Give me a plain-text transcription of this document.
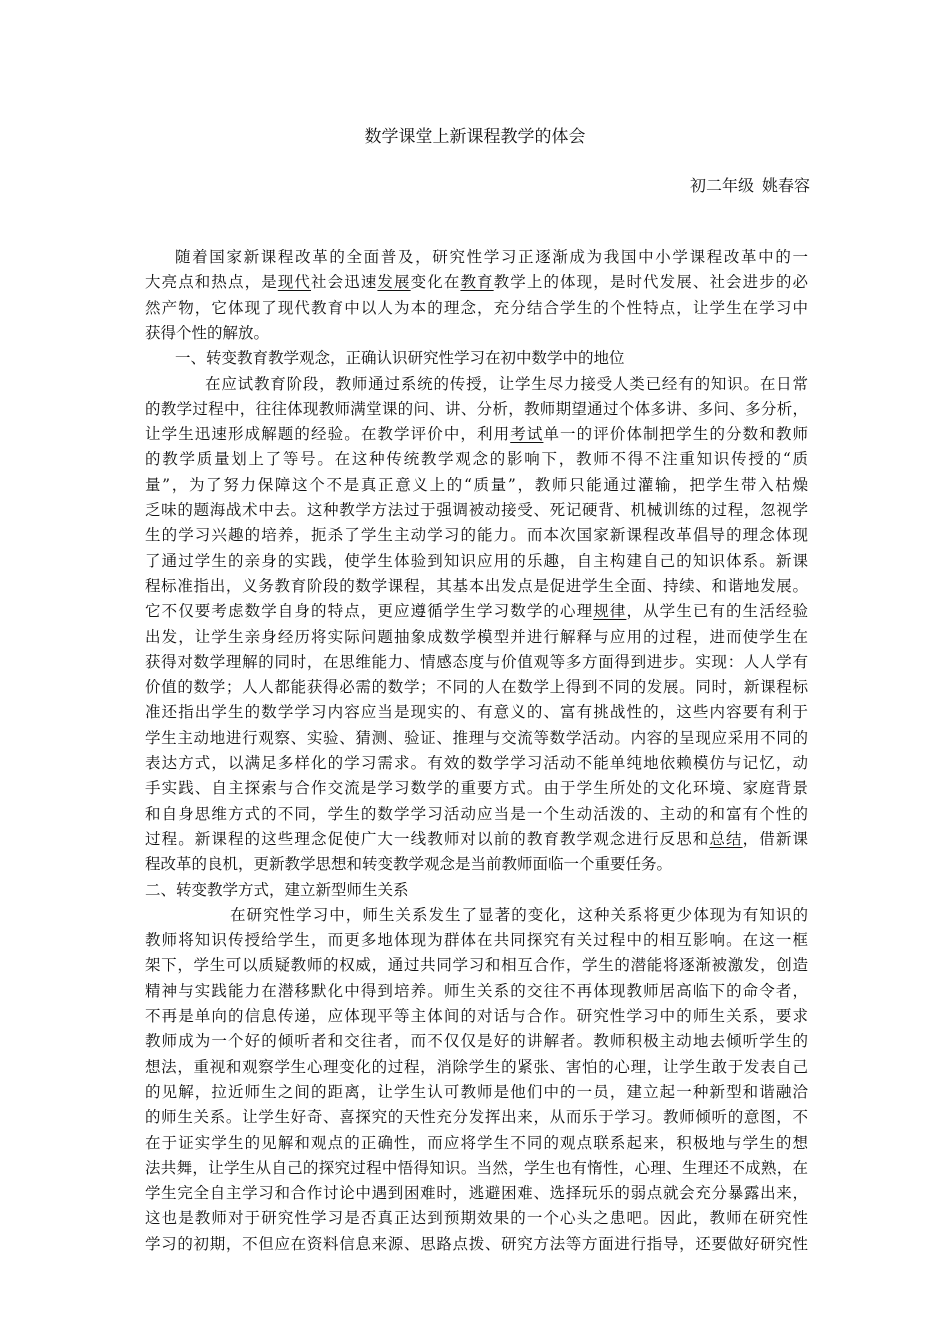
数学课堂上新课程教学的体会
初二年级 姚春容
随着国家新课程改革的全面普及，研究性学习正逐渐成为我国中小学课程改革中的一
大亮点和热点，是现代社会迅速发展变化在教育教学上的体现，是时代发展、社会进步的必
然产物，它体现了现代教育中以人为本的理念，充分结合学生的个性特点，让学生在学习中
获得个性的解放。
一、转变教育教学观念，正确认识研究性学习在初中数学中的地位
在应试教育阶段，教师通过系统的传授，让学生尽力接受人类已经有的知识。在日常
的教学过程中，往往体现教师满堂课的问、讲、分析，教师期望通过个体多讲、多问、多分析，
让学生迅速形成解题的经验。在教学评价中，利用考试单一的评价体制把学生的分数和教师
的教学质量划上了等号。在这种传统教学观念的影响下，教师不得不注重知识传授的“质
量”，为了努力保障这个不是真正意义上的“质量”，教师只能通过灌输，把学生带入枯燥
乏味的题海战术中去。这种教学方法过于强调被动接受、死记硬背、机械训练的过程，忽视学
生的学习兴趣的培养，扼杀了学生主动学习的能力。而本次国家新课程改革倡导的理念体现
了通过学生的亲身的实践，使学生体验到知识应用的乐趣，自主构建自己的知识体系。新课
程标准指出，义务教育阶段的数学课程，其基本出发点是促进学生全面、持续、和谐地发展。
它不仅要考虑数学自身的特点，更应遵循学生学习数学的心理规律，从学生已有的生活经验
出发，让学生亲身经历将实际问题抽象成数学模型并进行解释与应用的过程，进而使学生在
获得对数学理解的同时，在思维能力、情感态度与价值观等多方面得到进步。实现：人人学有
价值的数学；人人都能获得必需的数学；不同的人在数学上得到不同的发展。同时，新课程标
准还指出学生的数学学习内容应当是现实的、有意义的、富有挑战性的，这些内容要有利于
学生主动地进行观察、实验、猜测、验证、推理与交流等数学活动。内容的呈现应采用不同的
表达方式，以满足多样化的学习需求。有效的数学学习活动不能单纯地依赖模仿与记忆，动
手实践、自主探索与合作交流是学习数学的重要方式。由于学生所处的文化环境、家庭背景
和自身思维方式的不同，学生的数学学习活动应当是一个生动活泼的、主动的和富有个性的
过程。新课程的这些理念促使广大一线教师对以前的教育教学观念进行反思和总结，借新课
程改革的良机，更新教学思想和转变教学观念是当前教师面临一个重要任务。
二、转变教学方式，建立新型师生关系
在研究性学习中，师生关系发生了显著的变化，这种关系将更少体现为有知识的
教师将知识传授给学生，而更多地体现为群体在共同探究有关过程中的相互影响。在这一框
架下，学生可以质疑教师的权威，通过共同学习和相互合作，学生的潜能将逐渐被激发，创造
精神与实践能力在潜移默化中得到培养。师生关系的交往不再体现教师居高临下的命令者，
不再是单向的信息传递，应体现平等主体间的对话与合作。研究性学习中的师生关系，要求
教师成为一个好的倾听者和交往者，而不仅仅是好的讲解者。教师积极主动地去倾听学生的
想法，重视和观察学生心理变化的过程，消除学生的紧张、害怕的心理，让学生敢于发表自己
的见解，拉近师生之间的距离，让学生认可教师是他们中的一员，建立起一种新型和谐融洽
的师生关系。让学生好奇、喜探究的天性充分发挥出来，从而乐于学习。教师倾听的意图，不
在于证实学生的见解和观点的正确性，而应将学生不同的观点联系起来，积极地与学生的想
法共舞，让学生从自己的探究过程中悟得知识。当然，学生也有惰性，心理、生理还不成熟，在
学生完全自主学习和合作讨论中遇到困难时，逃避困难、选择玩乐的弱点就会充分暴露出来，
这也是教师对于研究性学习是否真正达到预期效果的一个心头之患吧。因此，教师在研究性
学习的初期，不但应在资料信息来源、思路点拨、研究方法等方面进行指导，还要做好研究性
